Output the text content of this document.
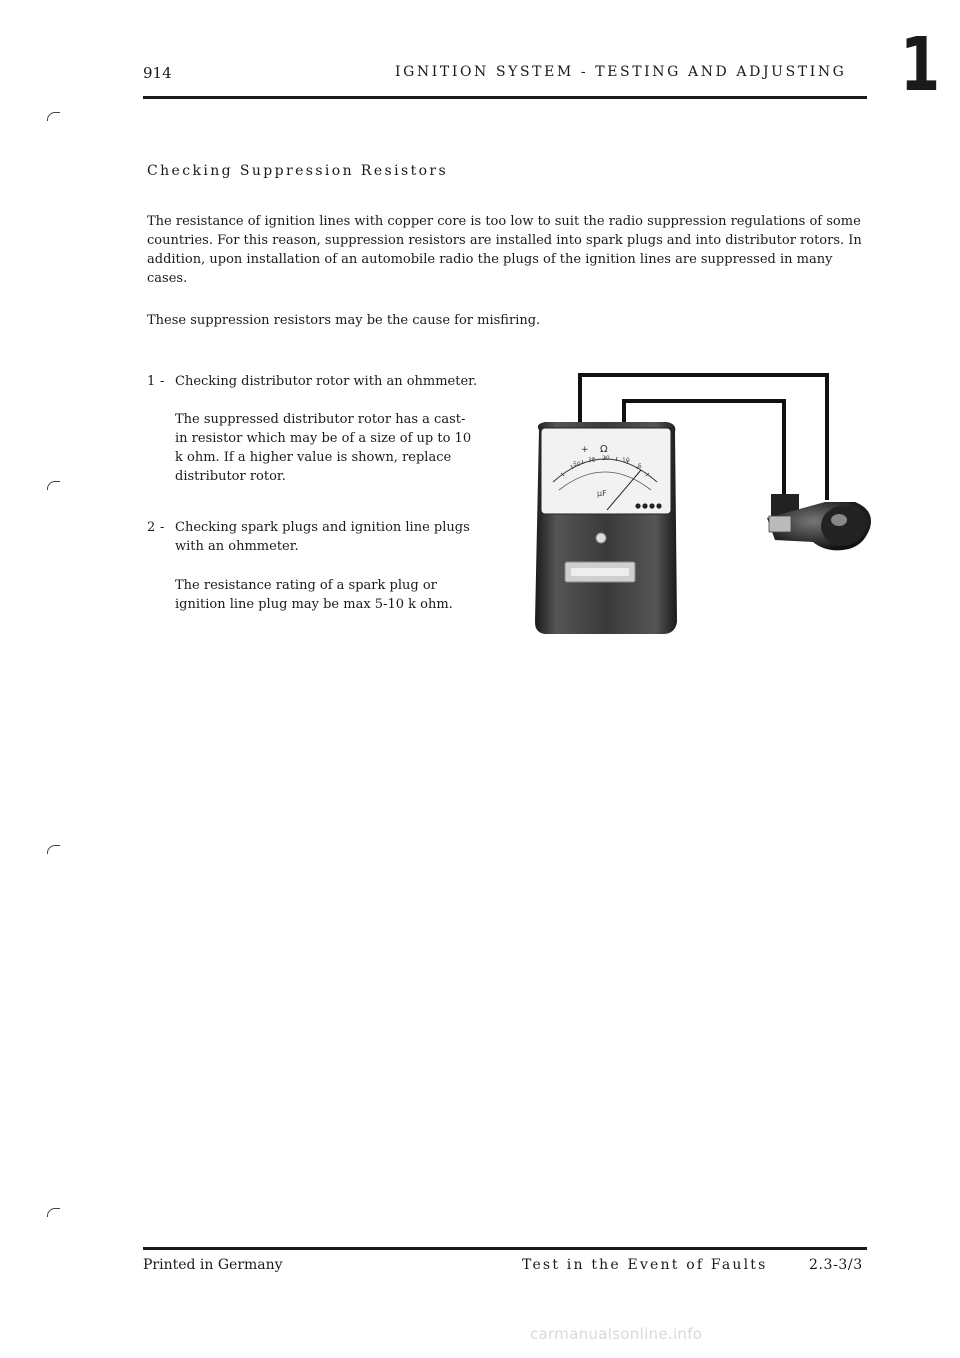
914	IGNITION SYSTEM - TESTING AND ADJUSTING 1
Checking Suppression Resistors

The resistance of ignition lines with copper core is too low to suit the radio suppression regulations of some countries. For this reason, suppression resistors are installed into spark plugs and into distributor rotors. In addition, upon installation of an automobile radio the plugs of the ignition lines are suppressed in many cases.

These suppression resistors may be the cause for misfiring.

1 - Checking distributor rotor with an ohmmeter.

The suppressed distributor rotor has a cast-in resistor which may be of a size of up to 10 k ohm. If a higher value is shown, replace distributor rotor.

2 - Checking spark plugs and ignition line plugs with an ohmmeter.

The resistance rating of a spark plug or ignition line plug may be max 5-10 k ohm.

+ Ω
50
30 20 10
5
µF
Printed in Germany	Test in the Event of Faults	2.3-3/3
carmanualsonline.info
